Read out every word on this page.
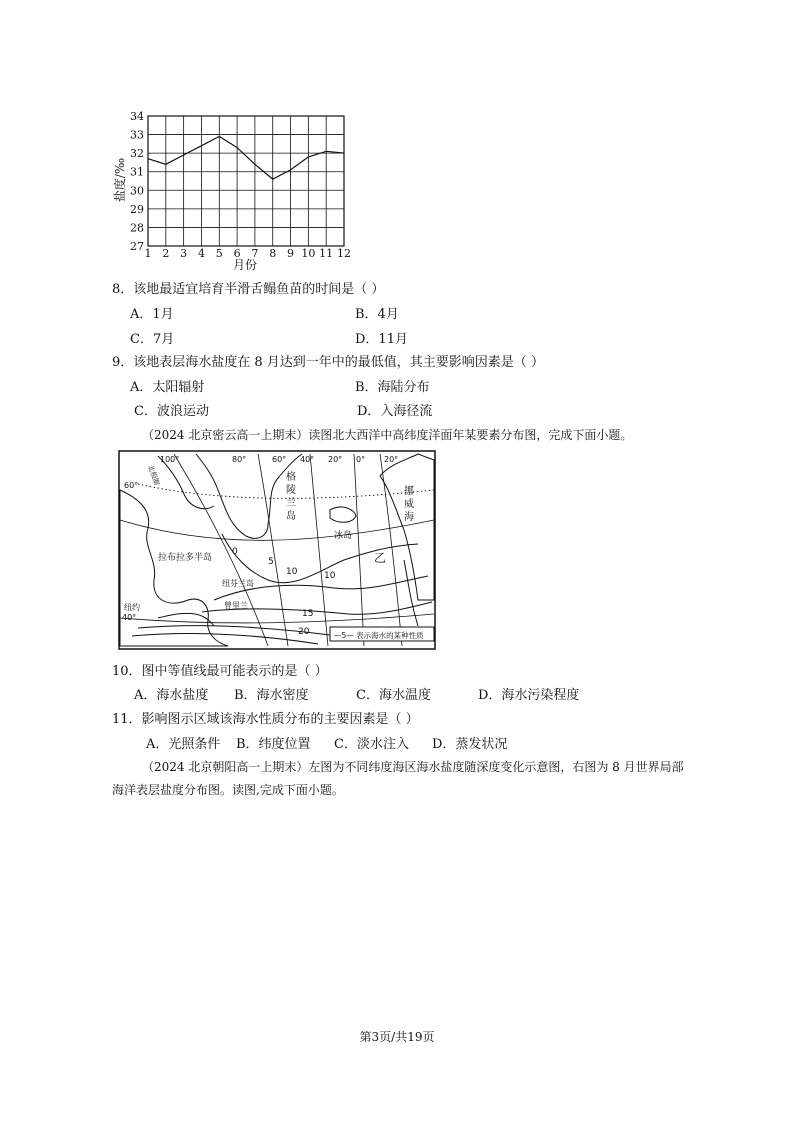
1 2 3 4 5 6 7 8 9 10 11 12
27
28
29
30
31
32
33
34
月份
盐度/‰
8．该地最适宜培育半滑舌鳎鱼苗的时间是（ ）
A．1月	B．4月
C．7月	D．11月
9．该地表层海水盐度在 8 月达到一年中的最低值，其主要影响因素是（ ）
A．太阳辐射	B．海陆分布
C．波浪运动	D．入海径流
（2024 北京密云高一上期末）读图北大西洋中高纬度洋面年某要素分布图，完成下面小题。
100°	80°	60° 40° 20° 0° 20°
60°
40°
北极圈	格
陵
兰
岛
挪
威
海
冰岛
拉布拉多半岛
纽芬兰岛
曾里兰
纽约
乙
0
5
10	10
15
20	—5— 表示海水的某种性质
10．图中等值线最可能表示的是（ ）
A．海水盐度 B．海水密度	C．海水温度	D．海水污染程度
11．影响图示区域该海水性质分布的主要因素是（ ）
A．光照条件 B．纬度位置 C．淡水注入 D．蒸发状况
（2024 北京朝阳高一上期末）左图为不同纬度海区海水盐度随深度变化示意图，右图为 8 月世界局部
海洋表层盐度分布图。读图,完成下面小题。
第3页/共19页
